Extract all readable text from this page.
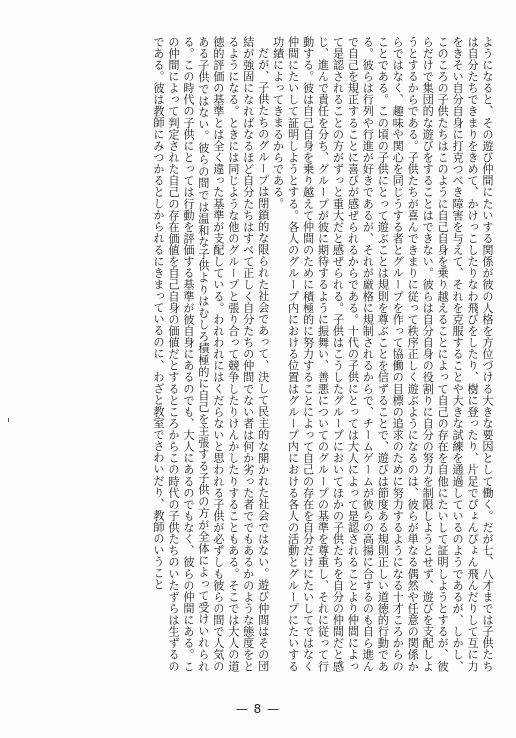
ようになると、その遊び仲間にたいする関係が彼の人格を方位づける大きな要因として働く。だが七、八才までは子供たちは自分たちできまりをきめて、かけっこしたりなわ飛びをしたり、樹に登ったり、片足でぴょんぴょん飛んだりして互に力をきそい自分自身に打克つべき障害を与えて、それを克服することや大きな試練を通過しているのようであるが、しかし、このころの子供たちはこのように自己自身を乗り越えることによって自己の存在を自他にたいして証明しようとするが、彼らだけで集団的な遊びをすることはできない。彼らは自分自身の役割りに自分の努力を制限しようとせず、遊びを支配しようとするからである。子供たちが喜んできまりに従って秩序正しく遊ぶようになるのは、彼らが単なる偶然や任意の関係からではなく、趣味や関心を同じうする者とグループを作って協働の目標の追求のために努力するようになる十才ころからのことである。この頃の子供にとって遊ぶことは規則を尊ぶことを信ずることで、遊びは節度ある規則正しい道徳的行動である。彼らは行列や行進が好きであるが、それが厳格に規制されるからで、チームゲームが彼らの高揚に合するのも自ら進んで自己を規正することに喜びが感ぜられるからである。十代の子供にとっては大人によって是認されることより仲間によって是認されることの方がずっと重大だと感ぜられる。子供はこうしたグループにおいてほかの子供たちを自分の仲間だと感じ、進んで責任を分ち、グループが彼に期待するように振舞い、善悪についてのグループの基準を尊重し、それに従って行動する。彼は自己自身を乗り越えて仲間のために積極的に努力することによって自己の存在を自分だけにたいしてではなく仲間にたいして証明しようとする。各人のグループ内における位置はグループ内における各人の活動とグループにたいする功績によってきまるからである。

だが、子供たちのグループは閉鎖的な限られた社会であって、決して民主的な開かれた社会ではない。遊び仲間はその団結が強固になればなるほど自分たちはすべて正しく自分たちの仲間でない者は何か劣った者ででもあるかのような態度をとるようになる。ときには同じような他のグループと張り合って競争したりけんかしたりすることもある。そこでは大人の道徳的評価の基準とは全く違った基準が支配している。われわれにはくだらないと思われる子供が必ずしも彼らの間で人気のある子供ではない。彼らの間では温和な子供よりはむしろ積極的に自己を主張する子供の方が全体によって受けいれられる。この時代の子供にとっては行動を評価する基準が彼自身にあるのでも、大人にあるのでもなく、彼らの仲間にある。この仲間によって判定された自己の存在価値を自己自身の価値だとするところからこの時代の子供たちのいたずらは生ずるのである。彼は教師にみつかるとしかられるにきまっているのに、わざと教室でさわいだり、教師のいうこと

— 8 —
